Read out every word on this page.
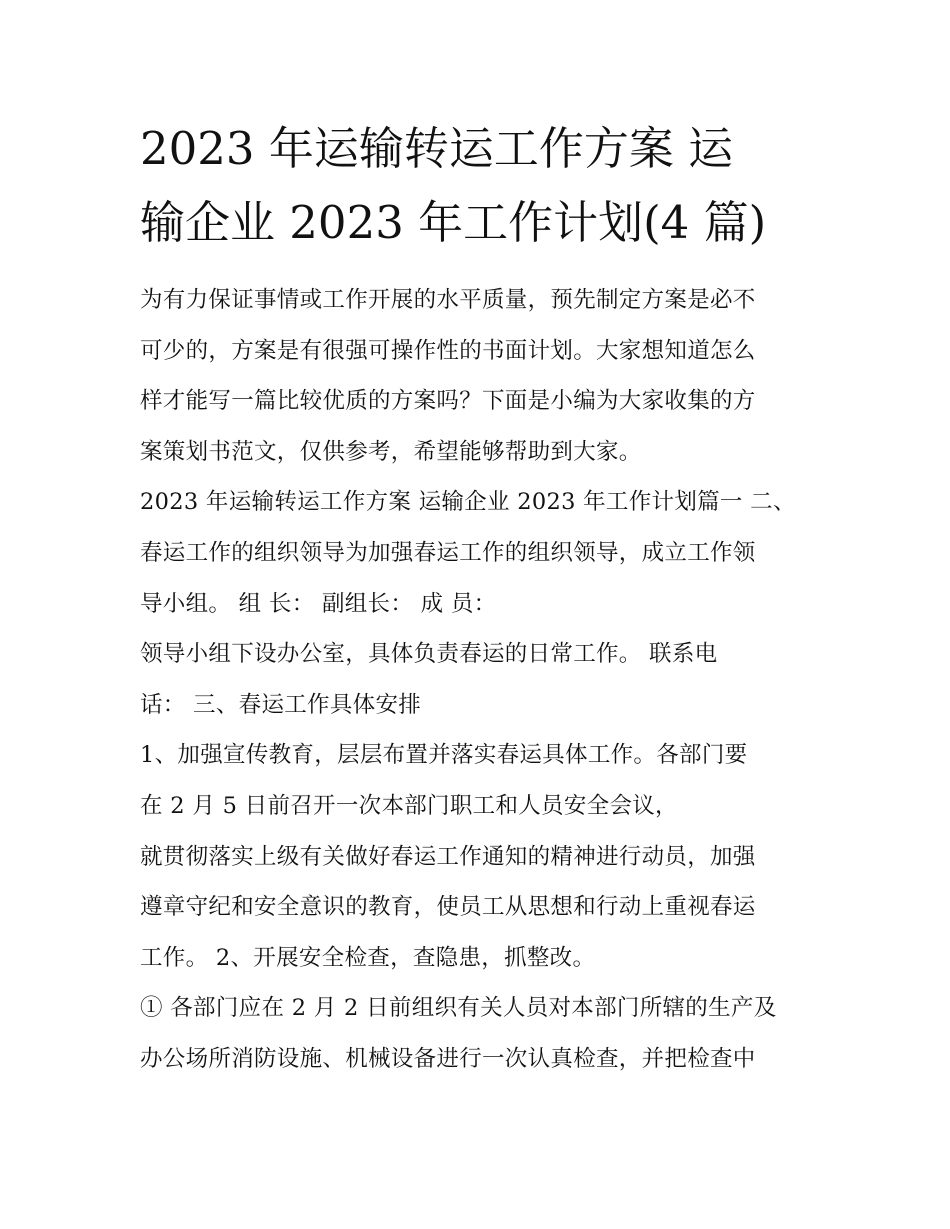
2023 年运输转运工作方案 运
输企业 2023 年工作计划(4 篇)
为有力保证事情或工作开展的水平质量，预先制定方案是必不
可少的，方案是有很强可操作性的书面计划。大家想知道怎么
样才能写一篇比较优质的方案吗？下面是小编为大家收集的方
案策划书范文，仅供参考，希望能够帮助到大家。
2023 年运输转运工作方案 运输企业 2023 年工作计划篇一 二、
春运工作的组织领导为加强春运工作的组织领导，成立工作领
导小组。 组 长： 副组长： 成 员：
领导小组下设办公室，具体负责春运的日常工作。 联系电
话： 三、春运工作具体安排
1、加强宣传教育，层层布置并落实春运具体工作。各部门要
在 2 月 5 日前召开一次本部门职工和人员安全会议，
就贯彻落实上级有关做好春运工作通知的精神进行动员，加强
遵章守纪和安全意识的教育，使员工从思想和行动上重视春运
工作。 2、开展安全检查，查隐患，抓整改。
① 各部门应在 2 月 2 日前组织有关人员对本部门所辖的生产及
办公场所消防设施、机械设备进行一次认真检查，并把检查中
